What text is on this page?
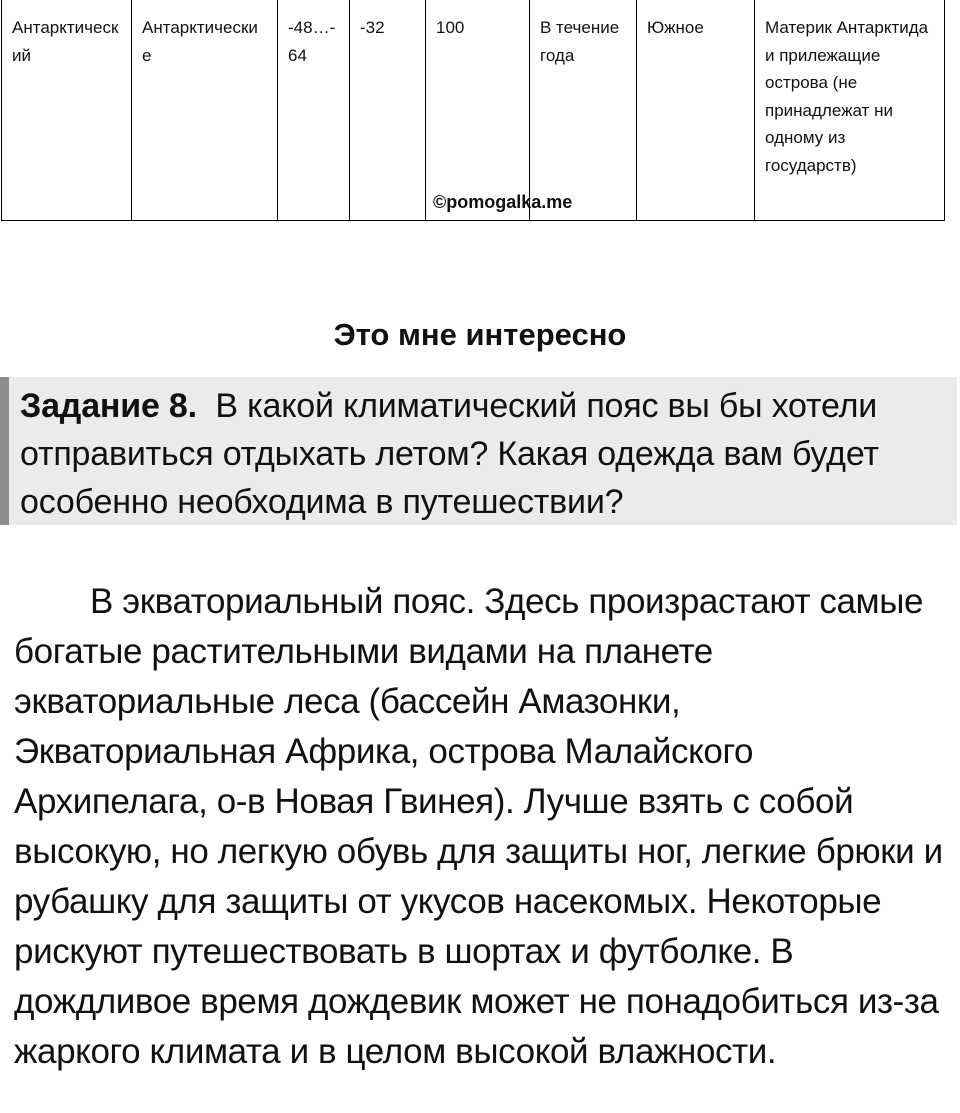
Антарктический	Антарктические	-48…-64	-32	100	В течение года	Южное	Материк Антарктида и прилежащие острова (не принадлежат ни одному из государств)
©pomogalka.me
Это мне интересно
Задание 8. В какой климатический пояс вы бы хотели отправиться отдыхать летом? Какая одежда вам будет особенно необходима в путешествии?

В экваториальный пояс. Здесь произрастают самые богатые растительными видами на планете экваториальные леса (бассейн Амазонки, Экваториальная Африка, острова Малайского Архипелага, о-в Новая Гвинея). Лучше взять с собой высокую, но легкую обувь для защиты ног, легкие брюки и рубашку для защиты от укусов насекомых. Некоторые рискуют путешествовать в шортах и футболке. В дождливое время дождевик может не понадобиться из-за жаркого климата и в целом высокой влажности.
